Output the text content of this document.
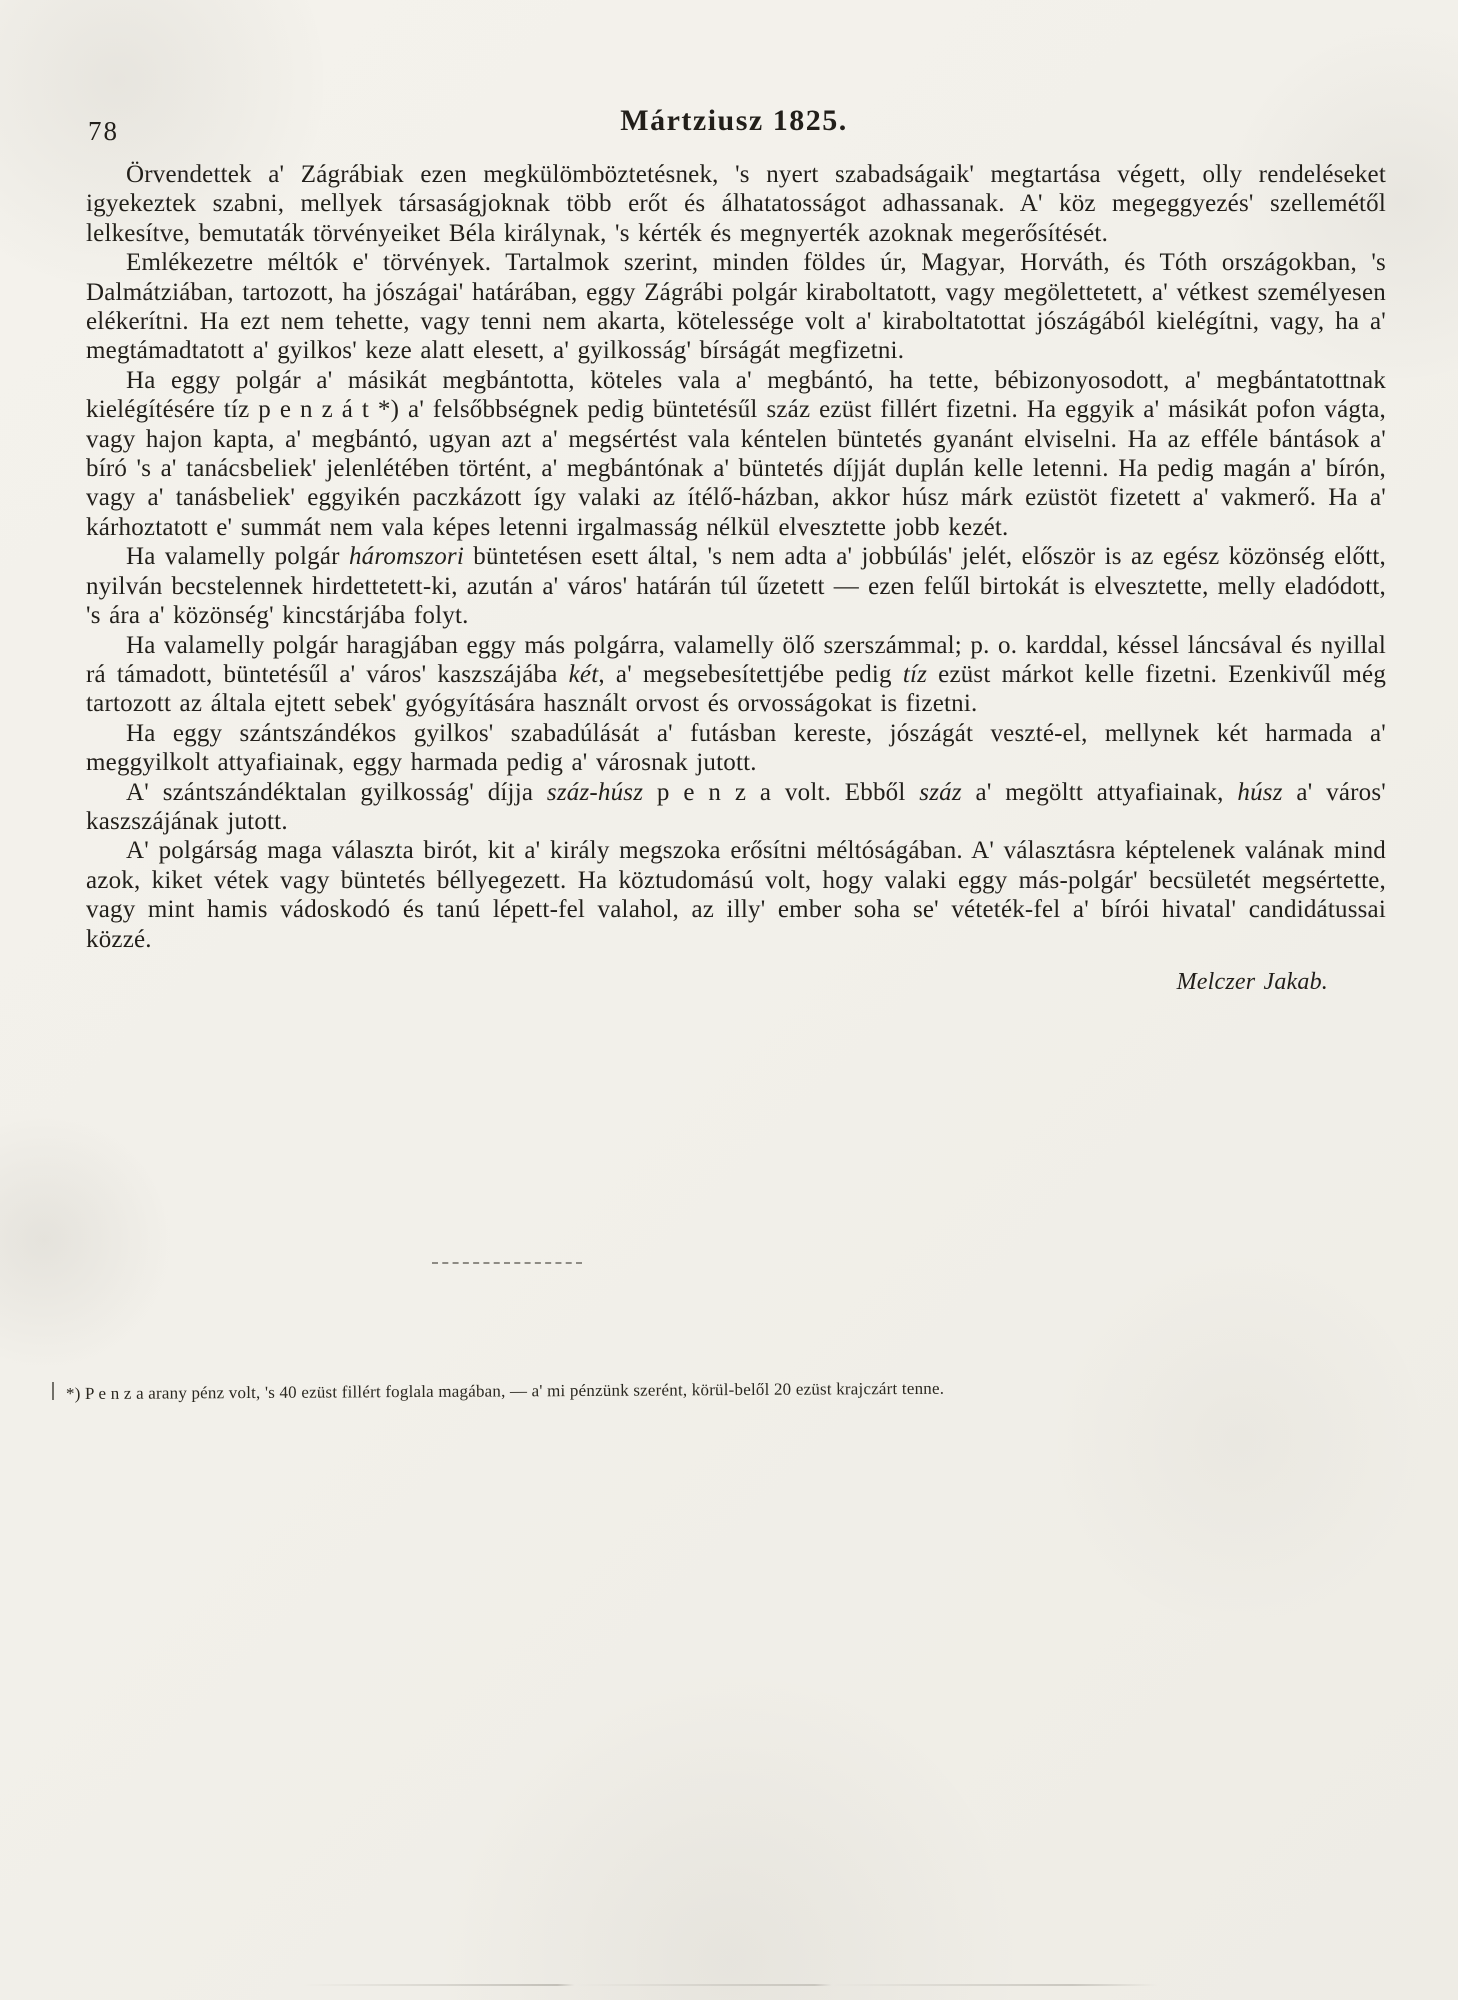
78	Mártziusz 1825.

Örvendettek a' Zágrábiak ezen megkülömböztetésnek, 's nyert szabadságaik' megtartása végett, olly rendeléseket igyekeztek szabni, mellyek társaságjoknak több erőt és álhatatosságot adhassanak. A' köz megeggyezés' szellemétől lelkesítve, bemutaták törvényeiket Béla királynak, 's kérték és megnyerték azoknak megerősítését.

Emlékezetre méltók e' törvények. Tartalmok szerint, minden földes úr, Magyar, Horváth, és Tóth országokban, 's Dalmátziában, tartozott, ha jószágai' határában, eggy Zágrábi polgár kiraboltatott, vagy megölettetett, a' vétkest személyesen elékerítni. Ha ezt nem tehette, vagy tenni nem akarta, kötelessége volt a' kiraboltatottat jószágából kielégítni, vagy, ha a' megtámadtatott a' gyilkos' keze alatt elesett, a' gyilkosság' bírságát megfizetni.

Ha eggy polgár a' másikát megbántotta, köteles vala a' megbántó, ha tette, bébizonyosodott, a' megbántatottnak kielégítésére tíz p e n z á t *) a' felsőbbségnek pedig büntetésűl száz ezüst fillért fizetni. Ha eggyik a' másikát pofon vágta, vagy hajon kapta, a' megbántó, ugyan azt a' megsértést vala kéntelen büntetés gyanánt elviselni. Ha az efféle bántások a' bíró 's a' tanácsbeliek' jelenlétében történt, a' megbántónak a' büntetés díjját duplán kelle letenni. Ha pedig magán a' bírón, vagy a' tanásbeliek' eggyikén paczkázott így valaki az ítélő-házban, akkor húsz márk ezüstöt fizetett a' vakmerő. Ha a' kárhoztatott e' summát nem vala képes letenni irgalmasság nélkül elvesztette jobb kezét.

Ha valamelly polgár háromszori büntetésen esett által, 's nem adta a' jobbúlás' jelét, először is az egész közönség előtt, nyilván becstelennek hirdettetett-ki, azután a' város' határán túl űzetett — ezen felűl birtokát is elvesztette, melly eladódott, 's ára a' közönség' kincstárjába folyt.

Ha valamelly polgár haragjában eggy más polgárra, valamelly ölő szerszámmal; p. o. karddal, késsel láncsával és nyillal rá támadott, büntetésűl a' város' kaszszájába két, a' megsebesítettjébe pedig tíz ezüst márkot kelle fizetni. Ezenkivűl még tartozott az általa ejtett sebek' gyógyítására használt orvost és orvosságokat is fizetni.

Ha eggy szántszándékos gyilkos' szabadúlását a' futásban kereste, jószágát veszté-el, mellynek két harmada a' meggyilkolt attyafiainak, eggy harmada pedig a' városnak jutott.

A' szántszándéktalan gyilkosság' díjja száz-húsz p e n z a volt. Ebből száz a' megöltt attyafiainak, húsz a' város' kaszszájának jutott.

A' polgárság maga választa birót, kit a' király megszoka erősítni méltóságában. A' választásra képtelenek valának mind azok, kiket vétek vagy büntetés béllyegezett. Ha köztudomású volt, hogy valaki eggy más-polgár' becsületét megsértette, vagy mint hamis vádoskodó és tanú lépett-fel valahol, az illy' ember soha se' véteték-fel a' bírói hivatal' candidátussai közzé.

Melczer Jakab.
*) P e n z a arany pénz volt, 's 40 ezüst fillért foglala magában, — a' mi pénzünk szerént, körül-belől 20 ezüst krajczárt tenne.
